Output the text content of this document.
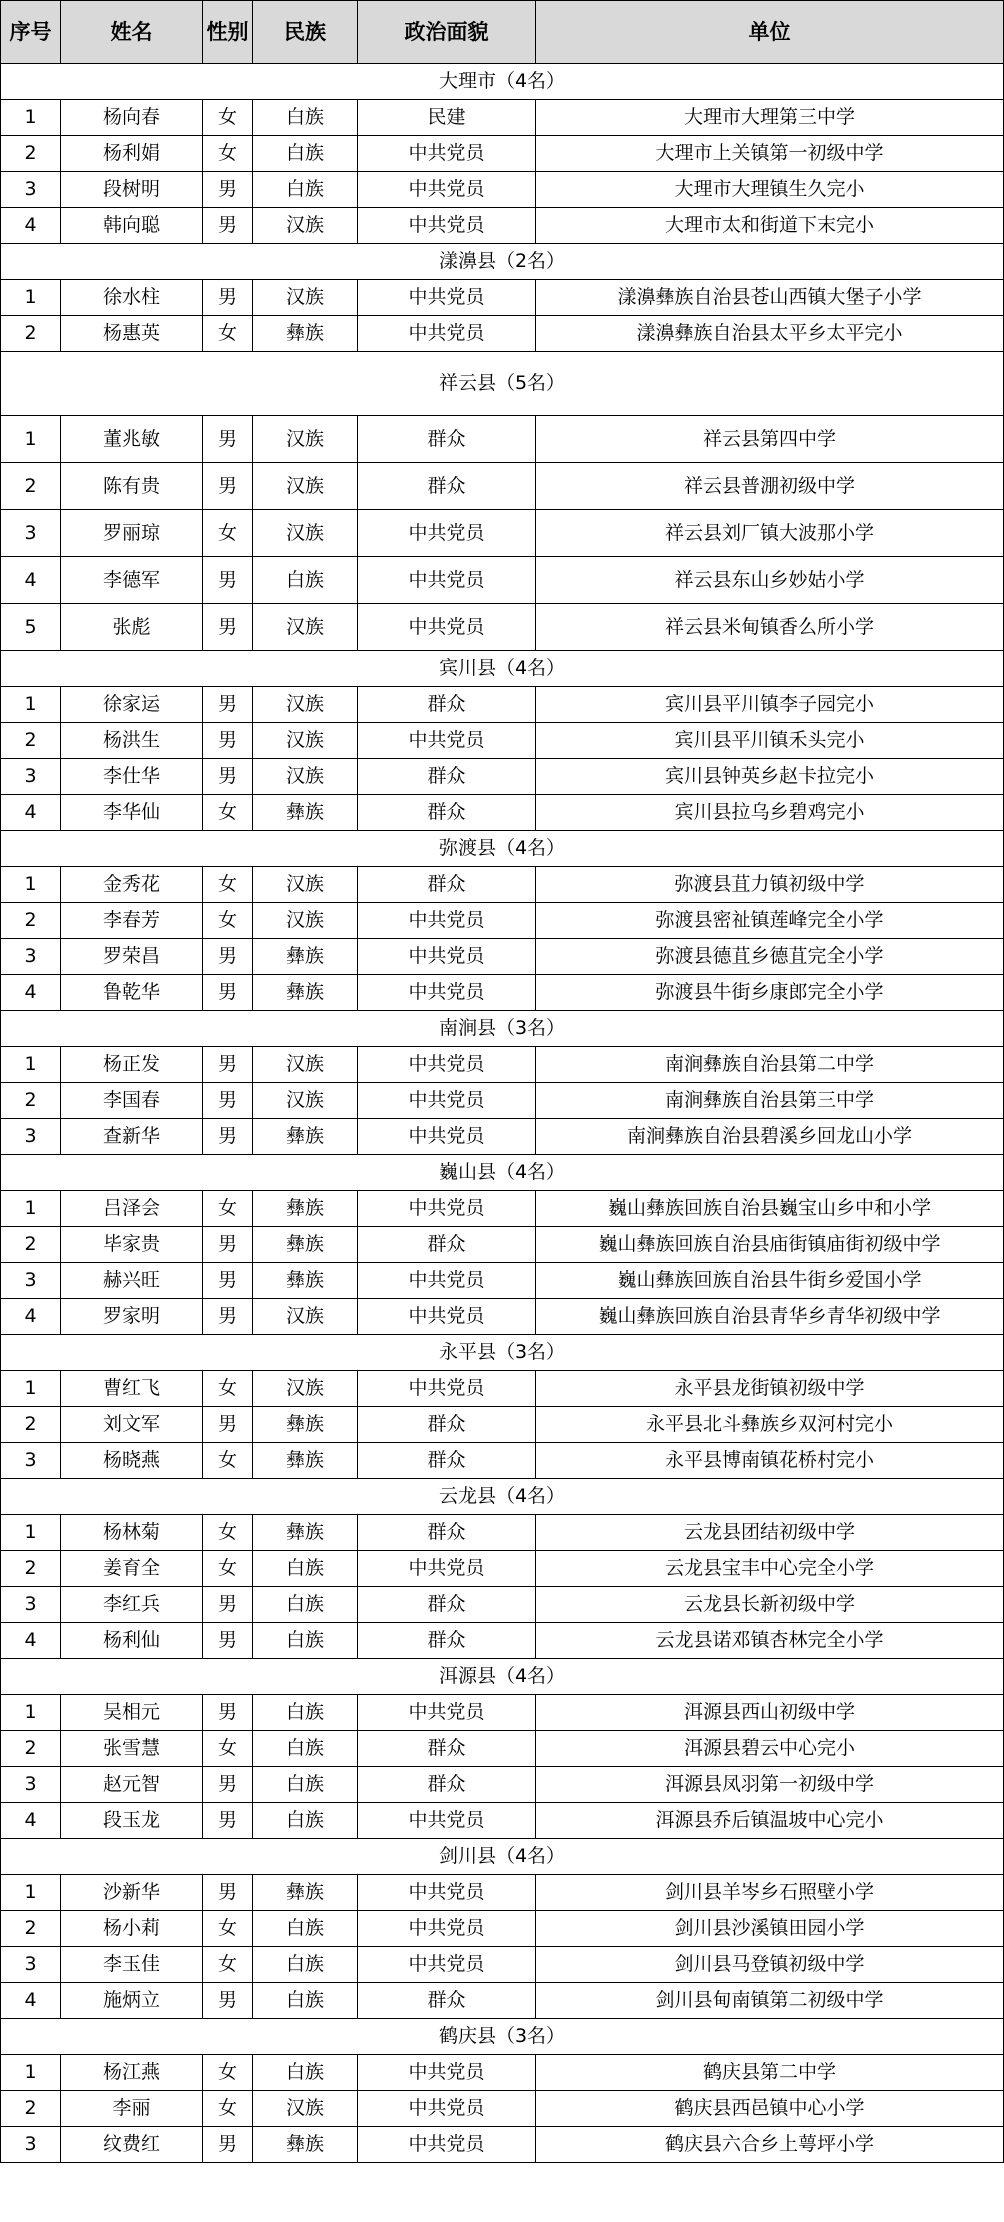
序号	姓名	性别	民族	政治面貌	单位
大理市（4名）					
1	杨向春	女	白族	民建	大理市大理第三中学
2	杨利娟	女	白族	中共党员	大理市上关镇第一初级中学
3	段树明	男	白族	中共党员	大理市大理镇生久完小
4	韩向聪	男	汉族	中共党员	大理市太和街道下末完小
漾濞县（2名）					
1	徐水柱	男	汉族	中共党员	漾濞彝族自治县苍山西镇大堡子小学
2	杨惠英	女	彝族	中共党员	漾濞彝族自治县太平乡太平完小
祥云县（5名）					
1	董兆敏	男	汉族	群众	祥云县第四中学
2	陈有贵	男	汉族	群众	祥云县普淜初级中学
3	罗丽琼	女	汉族	中共党员	祥云县刘厂镇大波那小学
4	李德军	男	白族	中共党员	祥云县东山乡妙姑小学
5	张彪	男	汉族	中共党员	祥云县米甸镇香么所小学
宾川县（4名）					
1	徐家运	男	汉族	群众	宾川县平川镇李子园完小
2	杨洪生	男	汉族	中共党员	宾川县平川镇禾头完小
3	李仕华	男	汉族	群众	宾川县钟英乡赵卡拉完小
4	李华仙	女	彝族	群众	宾川县拉乌乡碧鸡完小
弥渡县（4名）					
1	金秀花	女	汉族	群众	弥渡县苴力镇初级中学
2	李春芳	女	汉族	中共党员	弥渡县密祉镇莲峰完全小学
3	罗荣昌	男	彝族	中共党员	弥渡县德苴乡德苴完全小学
4	鲁乾华	男	彝族	中共党员	弥渡县牛街乡康郎完全小学
南涧县（3名）					
1	杨正发	男	汉族	中共党员	南涧彝族自治县第二中学
2	李国春	男	汉族	中共党员	南涧彝族自治县第三中学
3	查新华	男	彝族	中共党员	南涧彝族自治县碧溪乡回龙山小学
巍山县（4名）					
1	吕泽会	女	彝族	中共党员	巍山彝族回族自治县巍宝山乡中和小学
2	毕家贵	男	彝族	群众	巍山彝族回族自治县庙街镇庙街初级中学
3	赫兴旺	男	彝族	中共党员	巍山彝族回族自治县牛街乡爱国小学
4	罗家明	男	汉族	中共党员	巍山彝族回族自治县青华乡青华初级中学
永平县（3名）					
1	曹红飞	女	汉族	中共党员	永平县龙街镇初级中学
2	刘文军	男	彝族	群众	永平县北斗彝族乡双河村完小
3	杨晓燕	女	彝族	群众	永平县博南镇花桥村完小
云龙县（4名）					
1	杨林菊	女	彝族	群众	云龙县团结初级中学
2	姜育全	女	白族	中共党员	云龙县宝丰中心完全小学
3	李红兵	男	白族	群众	云龙县长新初级中学
4	杨利仙	男	白族	群众	云龙县诺邓镇杏林完全小学
洱源县（4名）					
1	吴相元	男	白族	中共党员	洱源县西山初级中学
2	张雪慧	女	白族	群众	洱源县碧云中心完小
3	赵元智	男	白族	群众	洱源县凤羽第一初级中学
4	段玉龙	男	白族	中共党员	洱源县乔后镇温坡中心完小
剑川县（4名）					
1	沙新华	男	彝族	中共党员	剑川县羊岑乡石照壁小学
2	杨小莉	女	白族	中共党员	剑川县沙溪镇田园小学
3	李玉佳	女	白族	中共党员	剑川县马登镇初级中学
4	施炳立	男	白族	群众	剑川县甸南镇第二初级中学
鹤庆县（3名）					
1	杨江燕	女	白族	中共党员	鹤庆县第二中学
2	李丽	女	汉族	中共党员	鹤庆县西邑镇中心小学
3	纹费红	男	彝族	中共党员	鹤庆县六合乡上萼坪小学
